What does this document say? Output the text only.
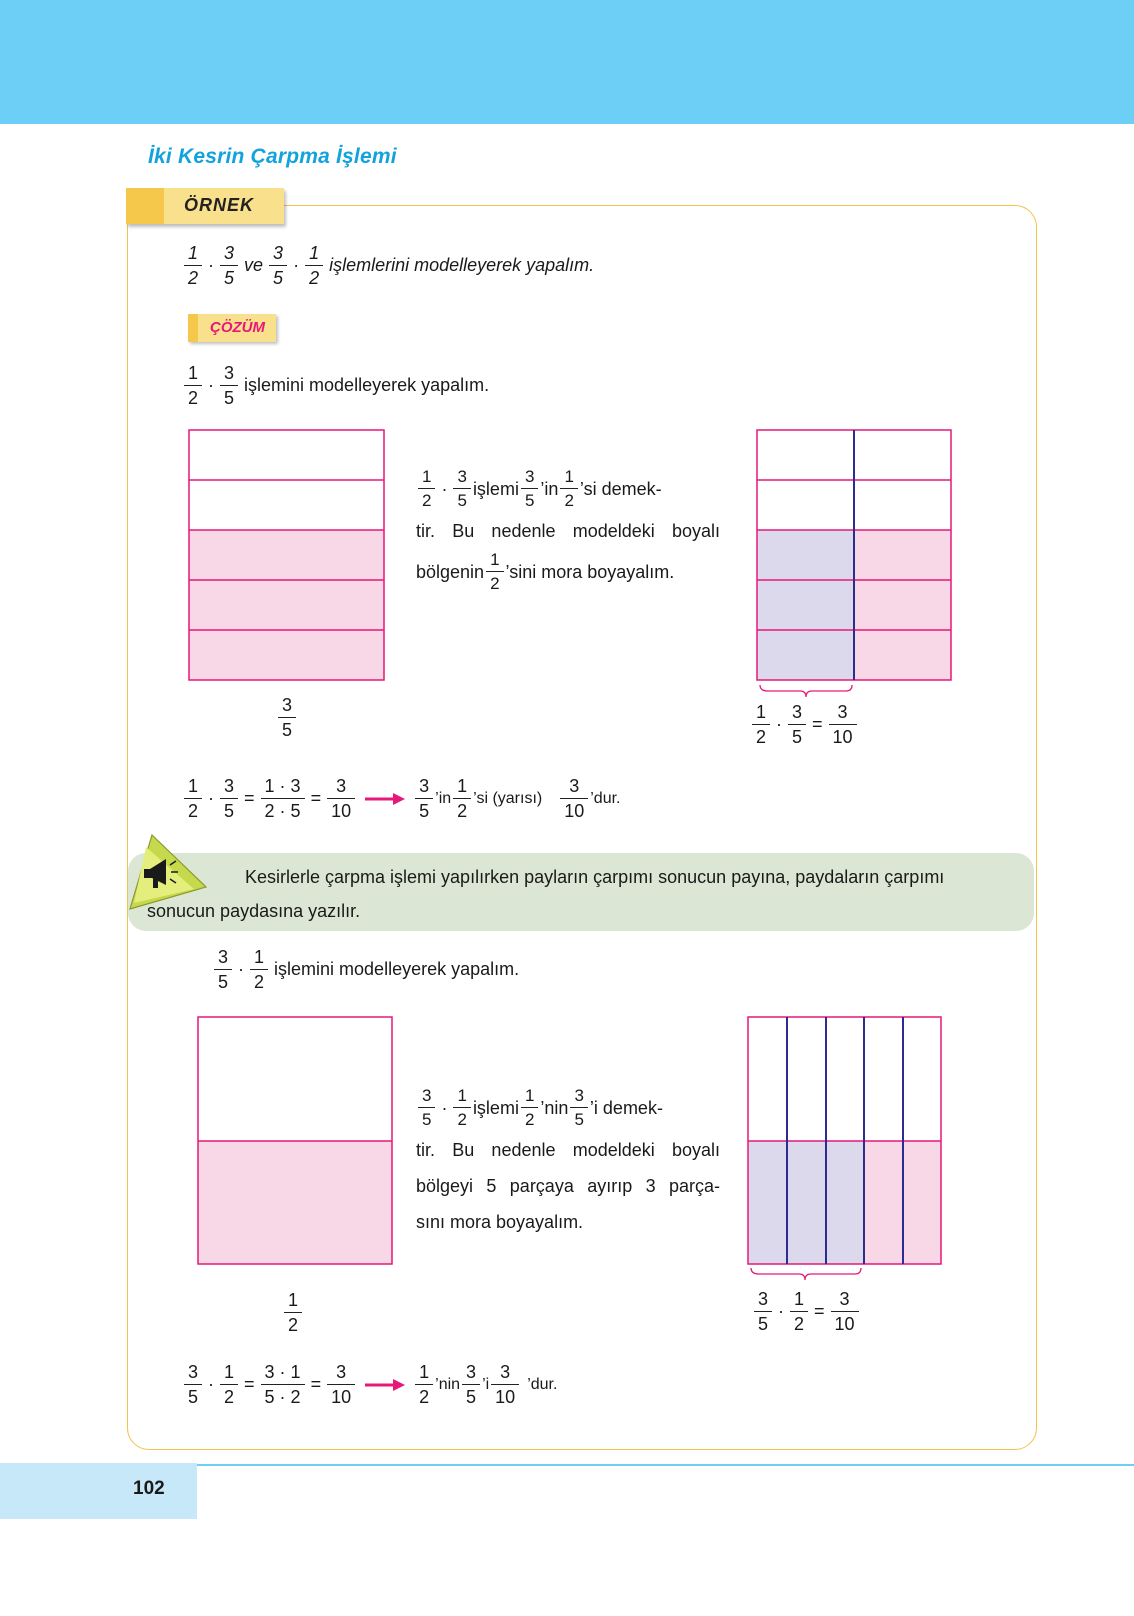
İki Kesrin Çarpma İşlemi
ÖRNEK
$\frac{1}{2} \cdot \frac{3}{5}$ ve $\frac{3}{5} \cdot \frac{1}{2}$ işlemlerini modelleyerek yapalım.
ÇÖZÜM
$\frac{1}{2} \cdot \frac{3}{5}$ işlemini modelleyerek yapalım.
$\frac{3}{5}$
$\frac{1}{2} \cdot \frac{3}{5}$ işlemi $\frac{3}{5}$ ’in $\frac{1}{2}$ ’si demek-
tir. Bu nedenle modeldeki boyalı
bölgenin $\frac{1}{2}$ ’sini mora boyayalım.
$\frac{1}{2} \cdot \frac{3}{5} = \frac{3}{10}$
$\frac{1}{2} \cdot \frac{3}{5} = \frac{1 \cdot 3}{2 \cdot 5} = \frac{3}{10}$	$\frac{3}{5}$ ’in $\frac{1}{2}$ ’si (yarısı) $\frac{3}{10}$ ’dur.
Kesirlerle çarpma işlemi yapılırken payların çarpımı sonucun payına, paydaların çarpımı sonucun paydasına yazılır.
$\frac{3}{5} \cdot \frac{1}{2}$ işlemini modelleyerek yapalım.
$\frac{1}{2}$
$\frac{3}{5} \cdot \frac{1}{2}$ işlemi $\frac{1}{2}$ ’nin $\frac{3}{5}$ ’i demek-
tir. Bu nedenle modeldeki boyalı
bölgeyi 5 parçaya ayırıp 3 parça-
sını mora boyayalım.
$\frac{3}{5} \cdot \frac{1}{2} = \frac{3}{10}$
$\frac{3}{5} \cdot \frac{1}{2} = \frac{3 \cdot 1}{5 \cdot 2} = \frac{3}{10}$	$\frac{1}{2}$ ’nin $\frac{3}{5}$ ’i $\frac{3}{10}$ ’dur.
102
